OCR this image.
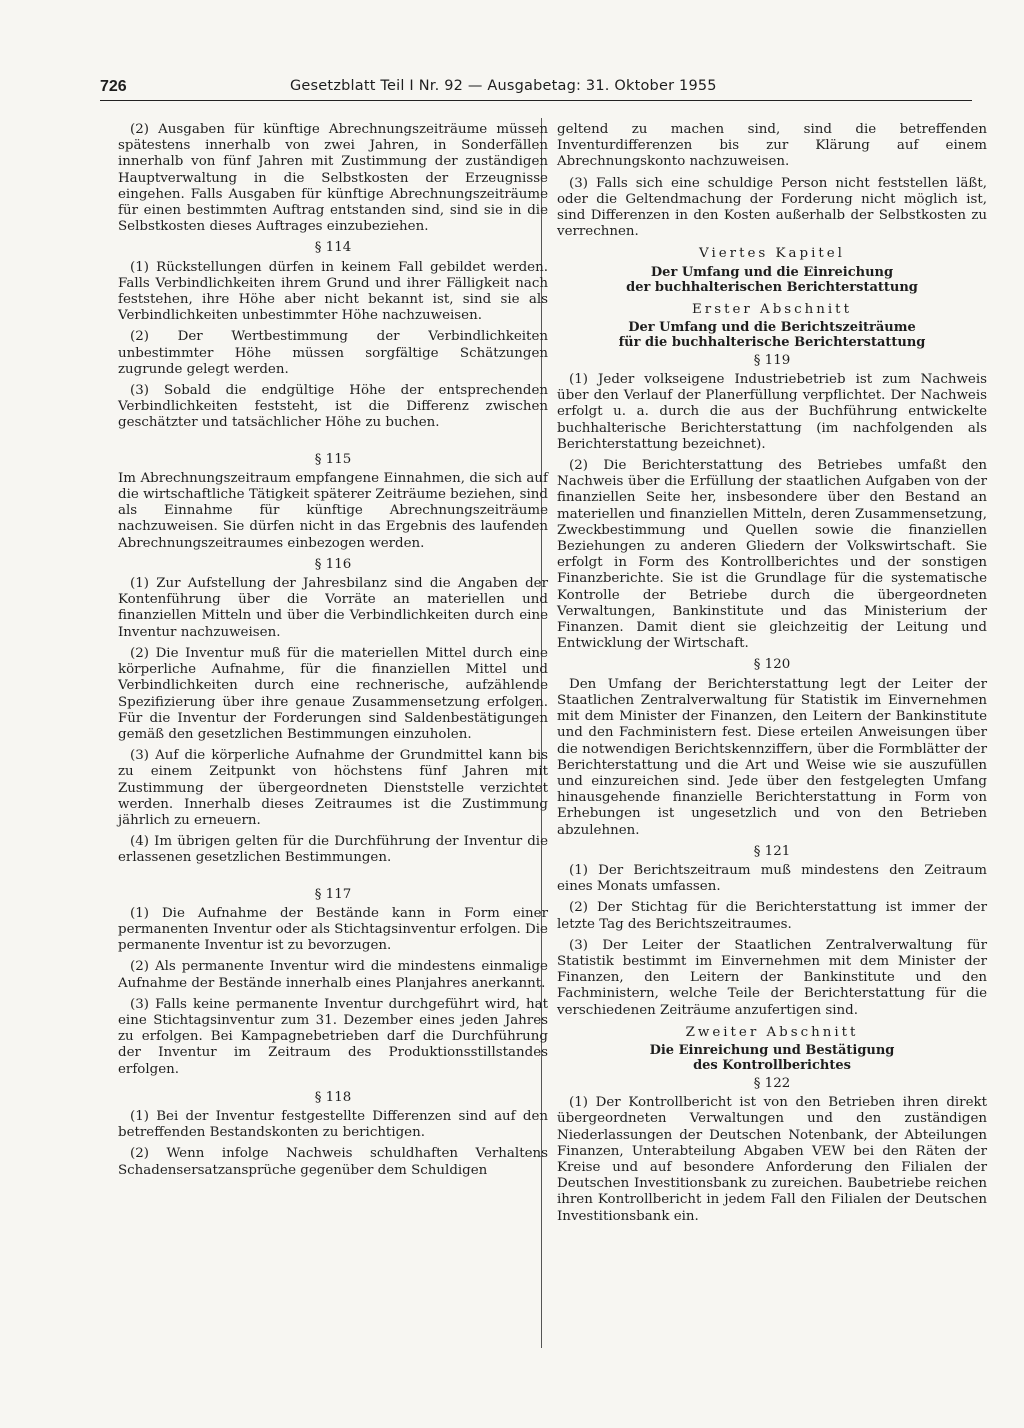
726	Gesetzblatt Teil I Nr. 92 — Ausgabetag: 31. Oktober 1955

(2) Ausgaben für künftige Abrechnungszeiträume müssen spätestens innerhalb von zwei Jahren, in Sonderfällen innerhalb von fünf Jahren mit Zustimmung der zuständigen Hauptverwaltung in die Selbstkosten der Erzeugnisse eingehen. Falls Ausgaben für künftige Abrechnungszeiträume für einen bestimmten Auftrag entstanden sind, sind sie in die Selbstkosten dieses Auftrages einzubeziehen.

§ 114

(1) Rückstellungen dürfen in keinem Fall gebildet werden. Falls Verbindlichkeiten ihrem Grund und ihrer Fälligkeit nach feststehen, ihre Höhe aber nicht bekannt ist, sind sie als Verbindlichkeiten unbestimmter Höhe nachzuweisen.

(2) Der Wertbestimmung der Verbindlichkeiten unbestimmter Höhe müssen sorgfältige Schätzungen zugrunde gelegt werden.

(3) Sobald die endgültige Höhe der entsprechenden Verbindlichkeiten feststeht, ist die Differenz zwischen geschätzter und tatsächlicher Höhe zu buchen.

§ 115

Im Abrechnungszeitraum empfangene Einnahmen, die sich auf die wirtschaftliche Tätigkeit späterer Zeiträume beziehen, sind als Einnahme für künftige Abrechnungszeiträume nachzuweisen. Sie dürfen nicht in das Ergebnis des laufenden Abrechnungszeitraumes einbezogen werden.

§ 116

(1) Zur Aufstellung der Jahresbilanz sind die Angaben der Kontenführung über die Vorräte an materiellen und finanziellen Mitteln und über die Verbindlichkeiten durch eine Inventur nachzuweisen.

(2) Die Inventur muß für die materiellen Mittel durch eine körperliche Aufnahme, für die finanziellen Mittel und Verbindlichkeiten durch eine rechnerische, aufzählende Spezifizierung über ihre genaue Zusammensetzung erfolgen. Für die Inventur der Forderungen sind Saldenbestätigungen gemäß den gesetzlichen Bestimmungen einzuholen.

(3) Auf die körperliche Aufnahme der Grundmittel kann bis zu einem Zeitpunkt von höchstens fünf Jahren mit Zustimmung der übergeordneten Dienststelle verzichtet werden. Innerhalb dieses Zeitraumes ist die Zustimmung jährlich zu erneuern.

(4) Im übrigen gelten für die Durchführung der Inventur die erlassenen gesetzlichen Bestimmungen.

§ 117

(1) Die Aufnahme der Bestände kann in Form einer permanenten Inventur oder als Stichtagsinventur erfolgen. Die permanente Inventur ist zu bevorzugen.

(2) Als permanente Inventur wird die mindestens einmalige Aufnahme der Bestände innerhalb eines Planjahres anerkannt.

(3) Falls keine permanente Inventur durchgeführt wird, hat eine Stichtagsinventur zum 31. Dezember eines jeden Jahres zu erfolgen. Bei Kampagnebetrieben darf die Durchführung der Inventur im Zeitraum des Produktionsstillstandes erfolgen.

§ 118

(1) Bei der Inventur festgestellte Differenzen sind auf den betreffenden Bestandskonten zu berichtigen.

(2) Wenn infolge Nachweis schuldhaften Verhaltens Schadensersatzansprüche gegenüber dem Schuldigen

geltend zu machen sind, sind die betreffenden Inventurdifferenzen bis zur Klärung auf einem Abrechnungskonto nachzuweisen.

(3) Falls sich eine schuldige Person nicht feststellen läßt, oder die Geltendmachung der Forderung nicht möglich ist, sind Differenzen in den Kosten außerhalb der Selbstkosten zu verrechnen.

Viertes Kapitel
Der Umfang und die Einreichung
der buchhalterischen Berichterstattung
Erster Abschnitt
Der Umfang und die Berichtszeiträume
für die buchhalterische Berichterstattung
§ 119

(1) Jeder volkseigene Industriebetrieb ist zum Nachweis über den Verlauf der Planerfüllung verpflichtet. Der Nachweis erfolgt u. a. durch die aus der Buchführung entwickelte buchhalterische Berichterstattung (im nachfolgenden als Berichterstattung bezeichnet).

(2) Die Berichterstattung des Betriebes umfaßt den Nachweis über die Erfüllung der staatlichen Aufgaben von der finanziellen Seite her, insbesondere über den Bestand an materiellen und finanziellen Mitteln, deren Zusammensetzung, Zweckbestimmung und Quellen sowie die finanziellen Beziehungen zu anderen Gliedern der Volkswirtschaft. Sie erfolgt in Form des Kontrollberichtes und der sonstigen Finanzberichte. Sie ist die Grundlage für die systematische Kontrolle der Betriebe durch die übergeordneten Verwaltungen, Bankinstitute und das Ministerium der Finanzen. Damit dient sie gleichzeitig der Leitung und Entwicklung der Wirtschaft.

§ 120

Den Umfang der Berichterstattung legt der Leiter der Staatlichen Zentralverwaltung für Statistik im Einvernehmen mit dem Minister der Finanzen, den Leitern der Bankinstitute und den Fachministern fest. Diese erteilen Anweisungen über die notwendigen Berichtskennziffern, über die Formblätter der Berichterstattung und die Art und Weise wie sie auszufüllen und einzureichen sind. Jede über den festgelegten Umfang hinausgehende finanzielle Berichterstattung in Form von Erhebungen ist ungesetzlich und von den Betrieben abzulehnen.

§ 121

(1) Der Berichtszeitraum muß mindestens den Zeitraum eines Monats umfassen.

(2) Der Stichtag für die Berichterstattung ist immer der letzte Tag des Berichtszeitraumes.

(3) Der Leiter der Staatlichen Zentralverwaltung für Statistik bestimmt im Einvernehmen mit dem Minister der Finanzen, den Leitern der Bankinstitute und den Fachministern, welche Teile der Berichterstattung für die verschiedenen Zeiträume anzufertigen sind.

Zweiter Abschnitt
Die Einreichung und Bestätigung
des Kontrollberichtes
§ 122

(1) Der Kontrollbericht ist von den Betrieben ihren direkt übergeordneten Verwaltungen und den zuständigen Niederlassungen der Deutschen Notenbank, der Abteilungen Finanzen, Unterabteilung Abgaben VEW bei den Räten der Kreise und auf besondere Anforderung den Filialen der Deutschen Investitionsbank zu zureichen. Baubetriebe reichen ihren Kontrollbericht in jedem Fall den Filialen der Deutschen Investitionsbank ein.
